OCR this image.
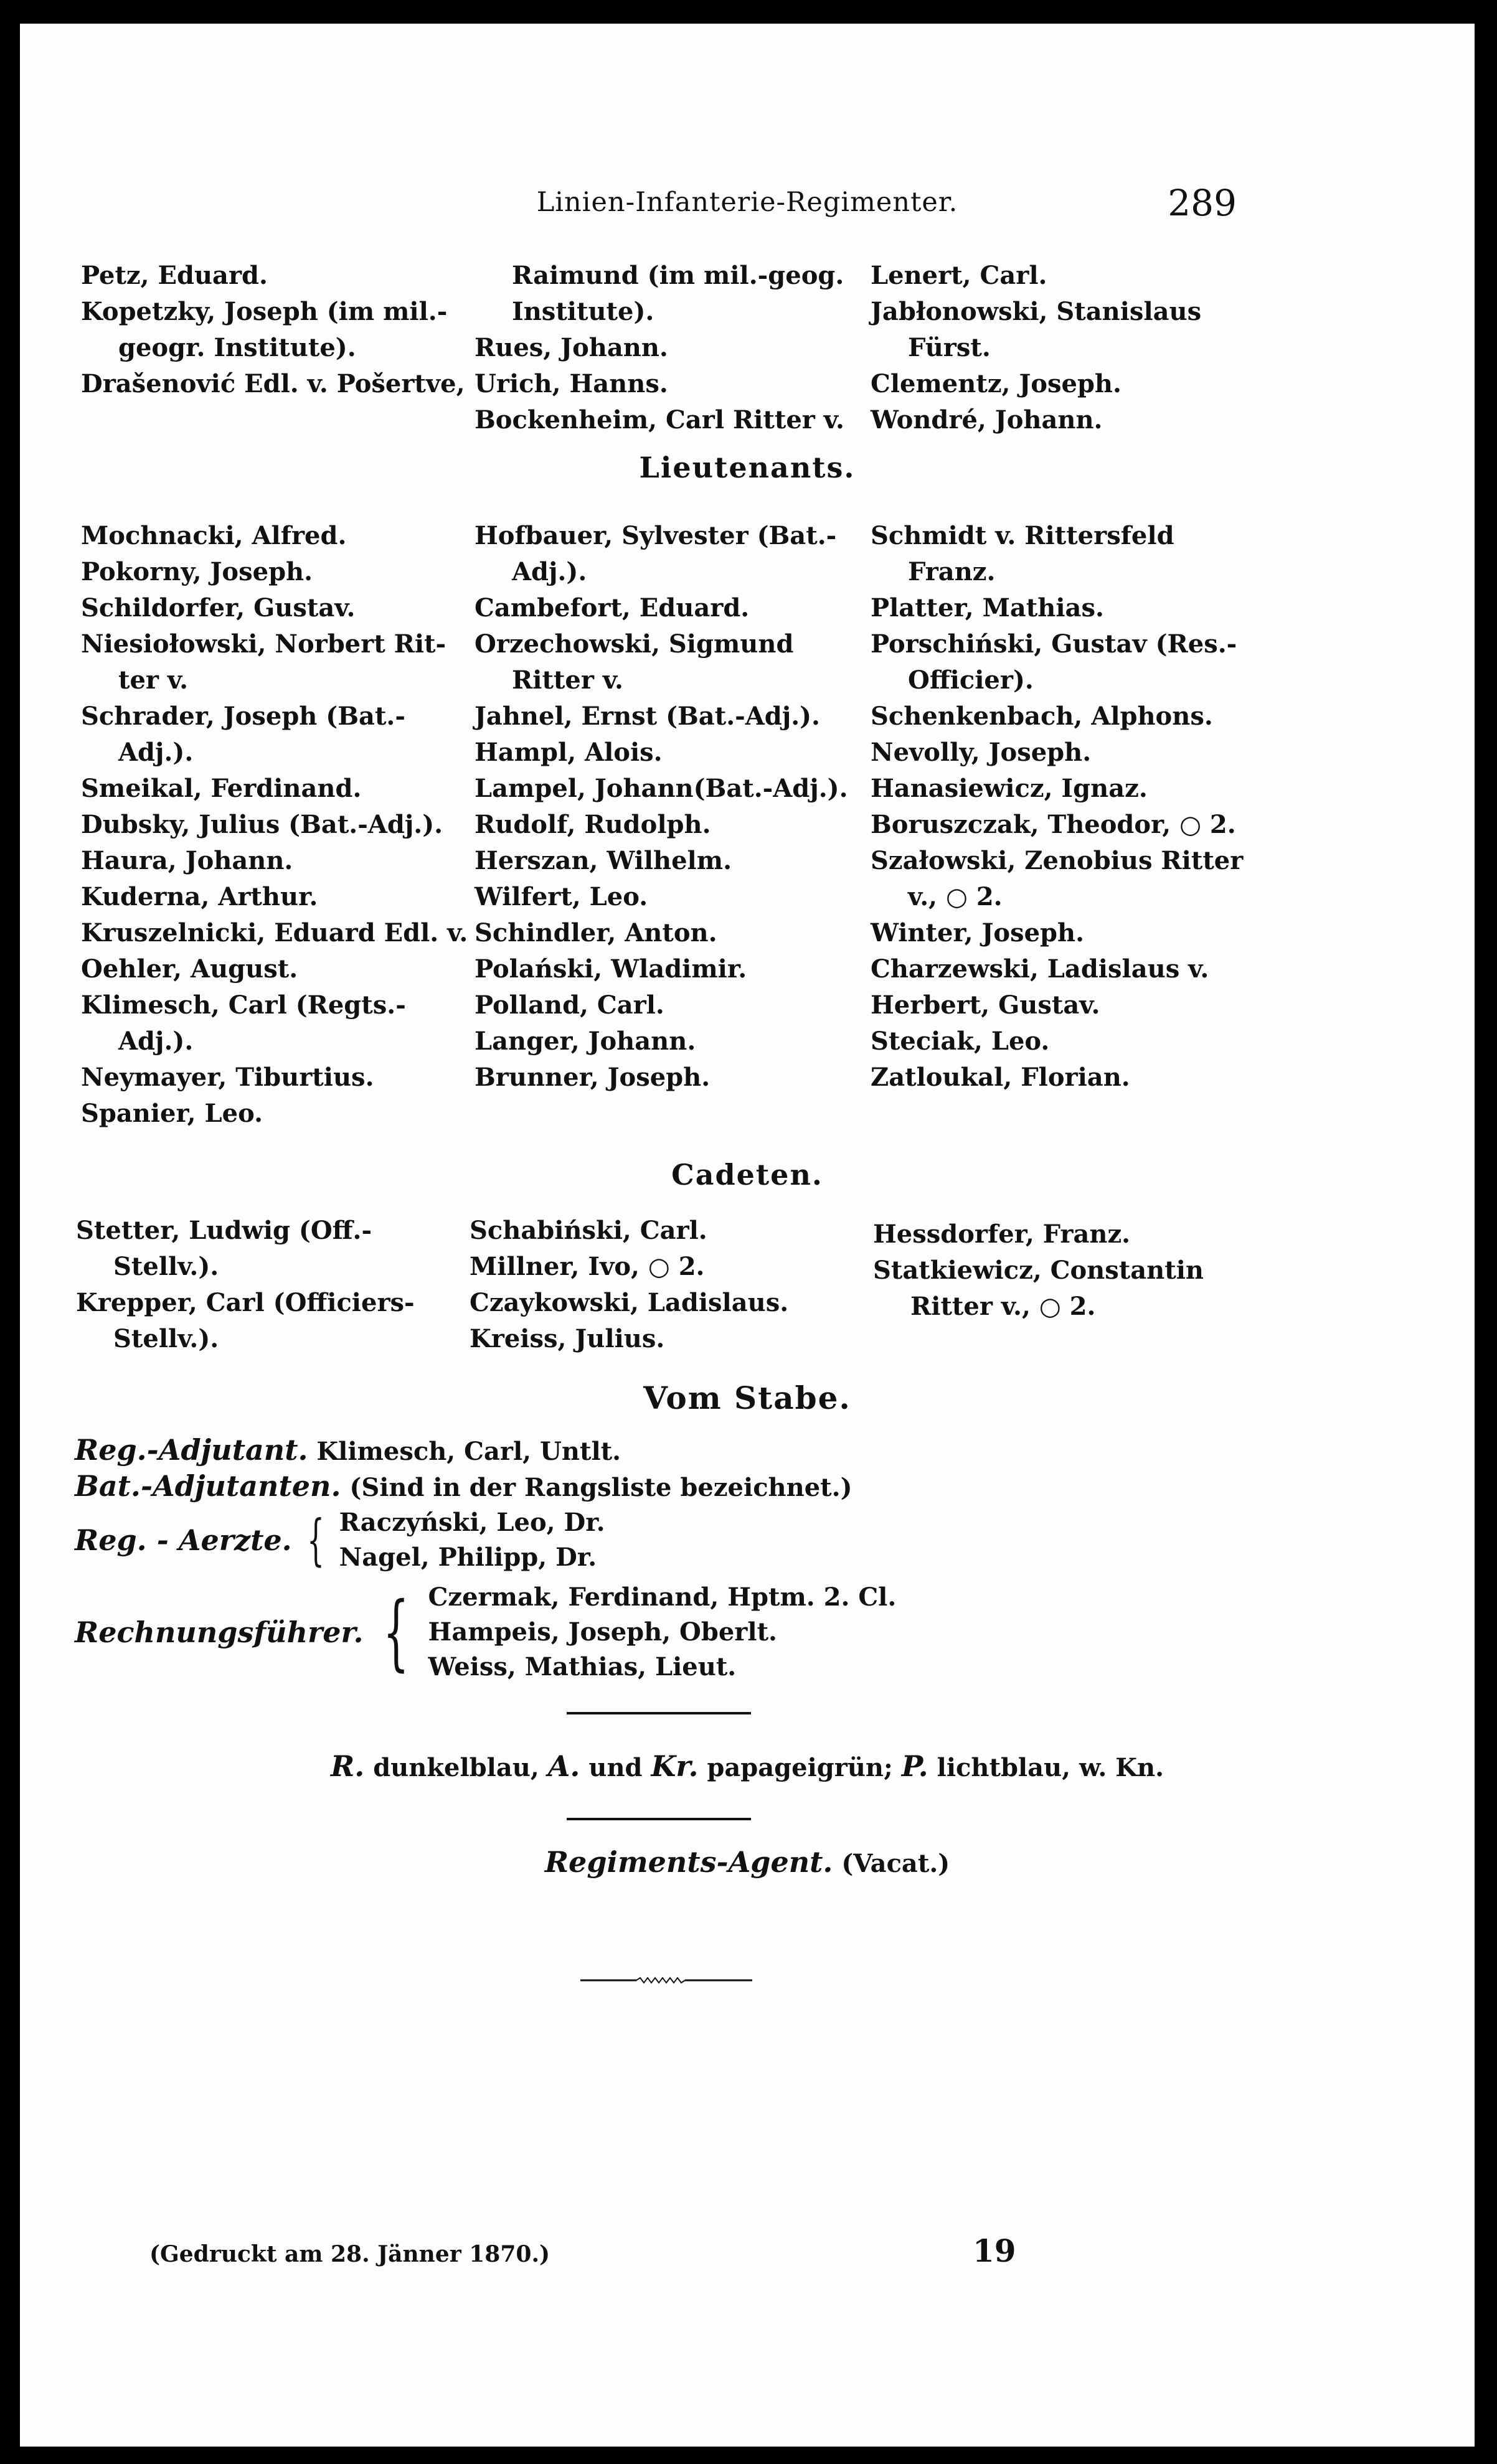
Linien-Infanterie-Regimenter.	289
Petz, Eduard.
Kopetzky, Joseph (im mil.-
geogr. Institute).
Drašenović Edl. v. Pošertve,
Raimund (im mil.-geog.
Institute).
Rues, Johann.
Urich, Hanns.
Bockenheim, Carl Ritter v.
Lenert, Carl.
Jabłonowski, Stanislaus
Fürst.
Clementz, Joseph.
Wondré, Johann.
Lieutenants.
Mochnacki, Alfred.
Pokorny, Joseph.
Schildorfer, Gustav.
Niesiołowski, Norbert Rit-
ter v.
Schrader, Joseph (Bat.-
Adj.).
Smeikal, Ferdinand.
Dubsky, Julius (Bat.-Adj.).
Haura, Johann.
Kuderna, Arthur.
Kruszelnicki, Eduard Edl. v.
Oehler, August.
Klimesch, Carl (Regts.-
Adj.).
Neymayer, Tiburtius.
Spanier, Leo.
Hofbauer, Sylvester (Bat.-
Adj.).
Cambefort, Eduard.
Orzechowski, Sigmund
Ritter v.
Jahnel, Ernst (Bat.-Adj.).
Hampl, Alois.
Lampel, Johann(Bat.-Adj.).
Rudolf, Rudolph.
Herszan, Wilhelm.
Wilfert, Leo.
Schindler, Anton.
Polański, Wladimir.
Polland, Carl.
Langer, Johann.
Brunner, Joseph.
Schmidt v. Rittersfeld
Franz.
Platter, Mathias.
Porschiński, Gustav (Res.-
Officier).
Schenkenbach, Alphons.
Nevolly, Joseph.
Hanasiewicz, Ignaz.
Boruszczak, Theodor, ○ 2.
Szałowski, Zenobius Ritter
v., ○ 2.
Winter, Joseph.
Charzewski, Ladislaus v.
Herbert, Gustav.
Steciak, Leo.
Zatloukal, Florian.
Cadeten.
Stetter, Ludwig (Off.-
Stellv.).
Krepper, Carl (Officiers-
Stellv.).
Schabiński, Carl.
Millner, Ivo, ○ 2.
Czaykowski, Ladislaus.
Kreiss, Julius.
Hessdorfer, Franz.
Statkiewicz, Constantin
Ritter v., ○ 2.
Vom Stabe.
Reg.-Adjutant. Klimesch, Carl, Untlt.
Bat.-Adjutanten. (Sind in der Rangsliste bezeichnet.)
Reg. - Aerzte. { Raczyński, Leo, Dr.
Nagel, Philipp, Dr.
Rechnungsführer. { Czermak, Ferdinand, Hptm. 2. Cl.
Hampeis, Joseph, Oberlt.
Weiss, Mathias, Lieut.
R. dunkelblau, A. und Kr. papageigrün; P. lichtblau, w. Kn.
Regiments-Agent. (Vacat.)
(Gedruckt am 28. Jänner 1870.)	19
